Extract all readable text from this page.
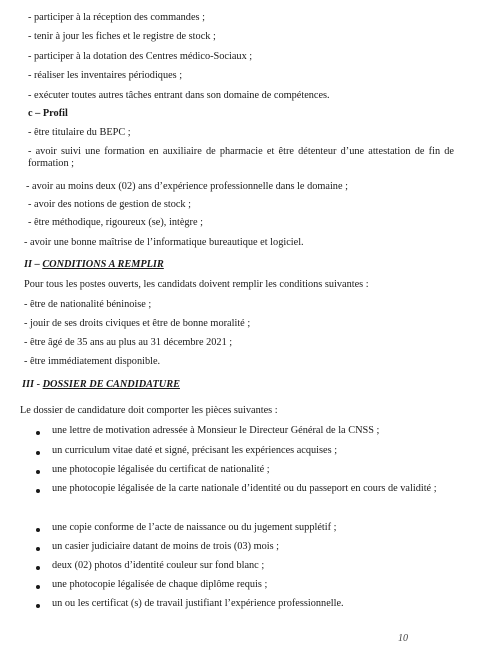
- participer à la réception des commandes ;
- tenir à jour les fiches et le registre de stock ;
- participer à la dotation des Centres médico-Sociaux ;
- réaliser les inventaires périodiques ;
- exécuter toutes autres tâches entrant dans son domaine de compétences.
c – Profil
- être titulaire du BEPC ;
- avoir suivi une formation en auxiliaire de pharmacie et être détenteur d’une attestation de fin de formation ;
- avoir au moins deux (02) ans d’expérience professionnelle dans le domaine ;
- avoir des notions de gestion de stock ;
- être méthodique, rigoureux (se), intègre ;
- avoir une bonne maîtrise de l’informatique bureautique et logiciel.
II – CONDITIONS A REMPLIR
Pour tous les postes ouverts, les candidats doivent remplir les conditions suivantes :
- être de nationalité béninoise ;
- jouir de ses droits civiques et être de bonne moralité ;
- être âgé de 35 ans au plus au 31 décembre 2021 ;
- être immédiatement disponible.
III - DOSSIER DE CANDIDATURE
Le dossier de candidature doit comporter les pièces suivantes :
une lettre de motivation adressée à Monsieur le Directeur Général de la CNSS ;
un curriculum vitae daté et signé, précisant les expériences acquises ;
une photocopie légalisée du certificat de nationalité ;
une photocopie légalisée de la carte nationale d’identité ou du passeport en cours de validité ;
une copie conforme de l’acte de naissance ou du jugement supplétif ;
un casier judiciaire datant de moins de trois (03) mois ;
deux (02) photos d’identité couleur sur fond blanc ;
une photocopie légalisée de chaque diplôme requis ;
un ou les certificat (s) de travail justifiant l’expérience professionnelle.
10
